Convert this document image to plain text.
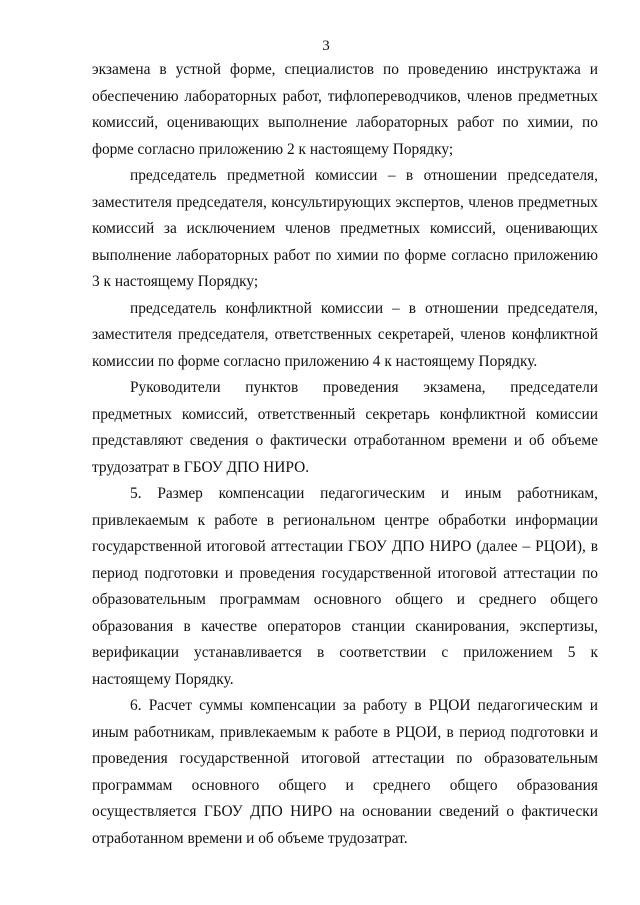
3

экзамена в устной форме, специалистов по проведению инструктажа и обеспечению лабораторных работ, тифлопереводчиков, членов предметных комиссий, оценивающих выполнение лабораторных работ по химии, по форме согласно приложению 2 к настоящему Порядку;

председатель предметной комиссии – в отношении председателя, заместителя председателя, консультирующих экспертов, членов предметных комиссий за исключением членов предметных комиссий, оценивающих выполнение лабораторных работ по химии по форме согласно приложению 3 к настоящему Порядку;

председатель конфликтной комиссии – в отношении председателя, заместителя председателя, ответственных секретарей, членов конфликтной комиссии по форме согласно приложению 4 к настоящему Порядку.

Руководители пунктов проведения экзамена, председатели предметных комиссий, ответственный секретарь конфликтной комиссии представляют сведения о фактически отработанном времени и об объеме трудозатрат в ГБОУ ДПО НИРО.

5. Размер компенсации педагогическим и иным работникам, привлекаемым к работе в региональном центре обработки информации государственной итоговой аттестации ГБОУ ДПО НИРО (далее – РЦОИ), в период подготовки и проведения государственной итоговой аттестации по образовательным программам основного общего и среднего общего образования в качестве операторов станции сканирования, экспертизы, верификации устанавливается в соответствии с приложением 5 к настоящему Порядку.

6. Расчет суммы компенсации за работу в РЦОИ педагогическим и иным работникам, привлекаемым к работе в РЦОИ, в период подготовки и проведения государственной итоговой аттестации по образовательным программам основного общего и среднего общего образования осуществляется ГБОУ ДПО НИРО на основании сведений о фактически отработанном времени и об объеме трудозатрат.
